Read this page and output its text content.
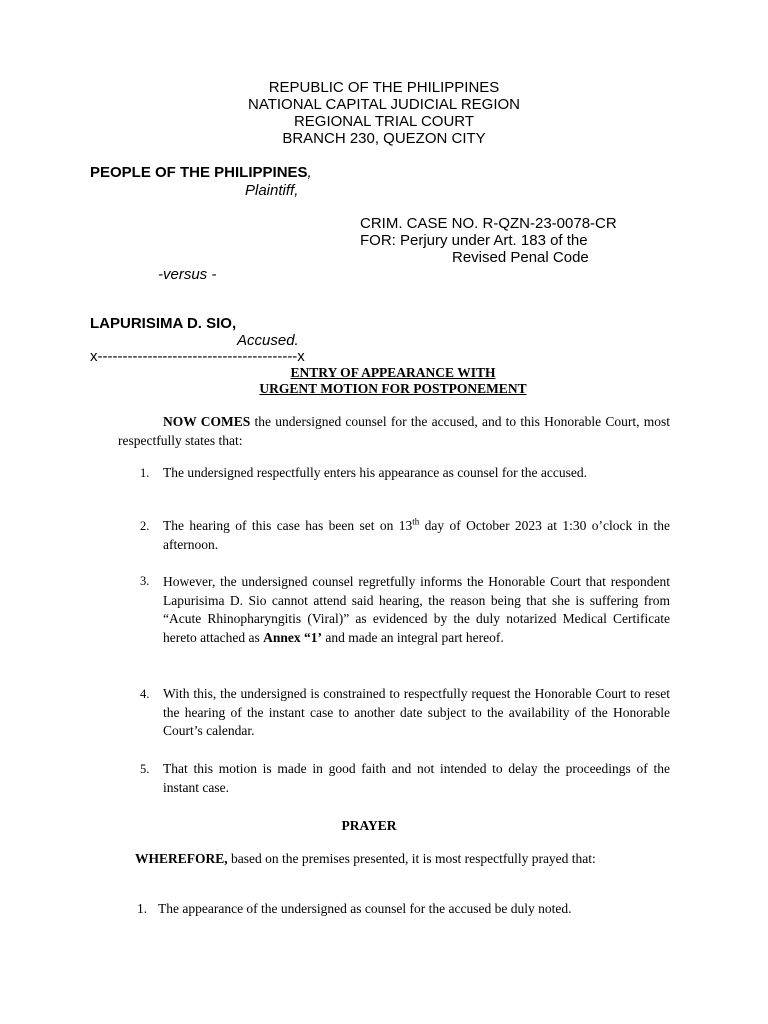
REPUBLIC OF THE PHILIPPINES
NATIONAL CAPITAL JUDICIAL REGION
REGIONAL TRIAL COURT
BRANCH 230, QUEZON CITY
PEOPLE OF THE PHILIPPINES,
Plaintiff,
CRIM. CASE NO. R-QZN-23-0078-CR
FOR: Perjury under Art. 183 of the
Revised Penal Code
-versus -
LAPURISIMA D. SIO,
Accused.
x----------------------------------------x
ENTRY OF APPEARANCE WITH
URGENT MOTION FOR POSTPONEMENT
NOW COMES the undersigned counsel for the accused, and to this Honorable Court, most respectfully states that:
1. The undersigned respectfully enters his appearance as counsel for the accused.
2. The hearing of this case has been set on 13th day of October 2023 at 1:30 o’clock in the afternoon.
3. However, the undersigned counsel regretfully informs the Honorable Court that respondent Lapurisima D. Sio cannot attend said hearing, the reason being that she is suffering from “Acute Rhinopharyngitis (Viral)” as evidenced by the duly notarized Medical Certificate hereto attached as Annex “1’ and made an integral part hereof.
4. With this, the undersigned is constrained to respectfully request the Honorable Court to reset the hearing of the instant case to another date subject to the availability of the Honorable Court’s calendar.
5. That this motion is made in good faith and not intended to delay the proceedings of the instant case.
PRAYER
WHEREFORE, based on the premises presented, it is most respectfully prayed that:
1. The appearance of the undersigned as counsel for the accused be duly noted.
